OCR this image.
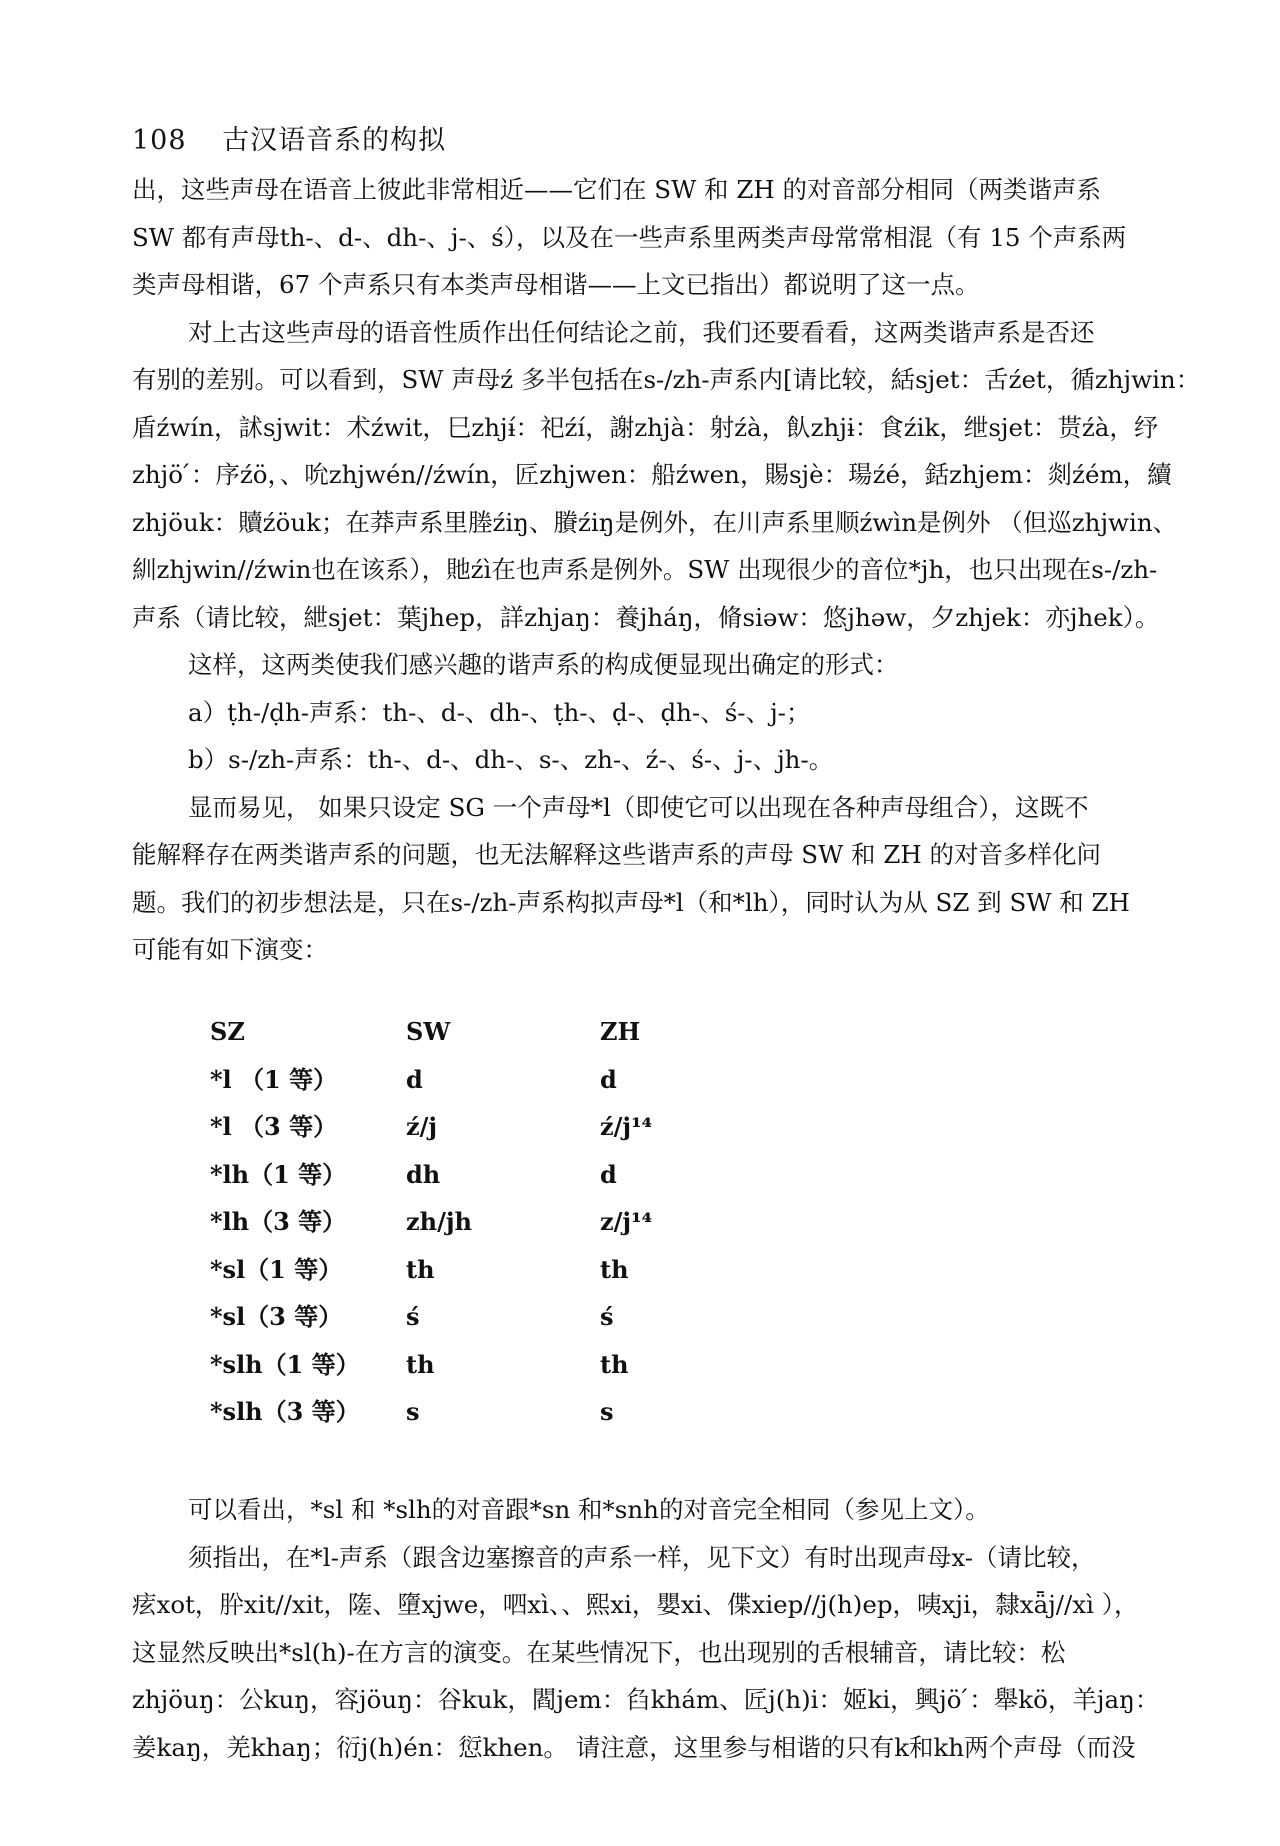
108 古汉语音系的构拟
出，这些声母在语音上彼此非常相近——它们在 SW 和 ZH 的对音部分相同（两类谐声系
SW 都有声母th-、d-、dh-、j-、ś），以及在一些声系里两类声母常常相混（有 15 个声系两
类声母相谐，67 个声系只有本类声母相谐——上文已指出）都说明了这一点。
对上古这些声母的语音性质作出任何结论之前，我们还要看看，这两类谐声系是否还
有别的差别。可以看到，SW 声母ź 多半包括在s-/zh-声系内[请比较，絬sjet：舌źet，循zhjwin：
盾źwín，訹sjwit：术źwit，巳zhjɨ́：祀źí，謝zhjà：射źà，飤zhjɨ：食źik，绁sjet：贳źà，纾
zhjö ́：序źö，、吮zhjwén//źwín，匠zhjwen：船źwen，賜sjè：瑒źé，銛zhjem：剡źém，續
zhjöuk：贖źöuk；在莽声系里塍źiŋ、賸źiŋ是例外，在川声系里顺źwìn是例外 （但巡zhjwin、
紃zhjwin//źwin也在该系），貤źì在也声系是例外。SW 出现很少的音位*jh，也只出现在s-/zh-
声系（请比较，紲sjet：葉jhep，詳zhjaŋ：養jháŋ，脩siəw：悠jhəw，夕zhjek：亦jhek）。
这样，这两类使我们感兴趣的谐声系的构成便显现出确定的形式：
a）ṭh-/ḍh-声系：th-、d-、dh-、ṭh-、ḍ-、ḍh-、ś-、j-；
b）s-/zh-声系：th-、d-、dh-、s-、zh-、ź-、ś-、j-、jh-。
显而易见， 如果只设定 SG 一个声母*l（即使它可以出现在各种声母组合），这既不
能解释存在两类谐声系的问题，也无法解释这些谐声系的声母 SW 和 ZH 的对音多样化问
题。我们的初步想法是，只在s-/zh-声系构拟声母*l（和*lh），同时认为从 SZ 到 SW 和 ZH
可能有如下演变：
SZ	SW	ZH
*l （1 等）	d	d
*l （3 等）	ź/j	ź/j¹⁴
*lh（1 等） dh	d
*lh（3 等） zh/jh	z/j¹⁴
*sl（1 等）	th	th
*sl（3 等）	ś	ś
*slh（1 等） th	th
*slh（3 等） s	s
可以看出，*sl 和 *slh的对音跟*sn 和*snh的对音完全相同（参见上文）。
须指出，在*l-声系（跟含边塞擦音的声系一样，见下文）有时出现声母x-（请比较，
痃xot，肸xit//xit，隓、墮xjwe，呬xì、、熙xi，嬰xi、偞xiep//j(h)ep，咦xji，隸xǟj//xì ），
这显然反映出*sl(h)-在方言的演变。在某些情况下，也出现别的舌根辅音，请比较：松
zhjöuŋ：公kuŋ，容jöuŋ：谷kuk，閻jem：臽khám、匠j(h)i：姬ki，興jö ́：舉kö，羊jaŋ：
姜kaŋ，羌khaŋ；衍j(h)én：愆khen。 请注意，这里参与相谐的只有k和kh两个声母（而没
